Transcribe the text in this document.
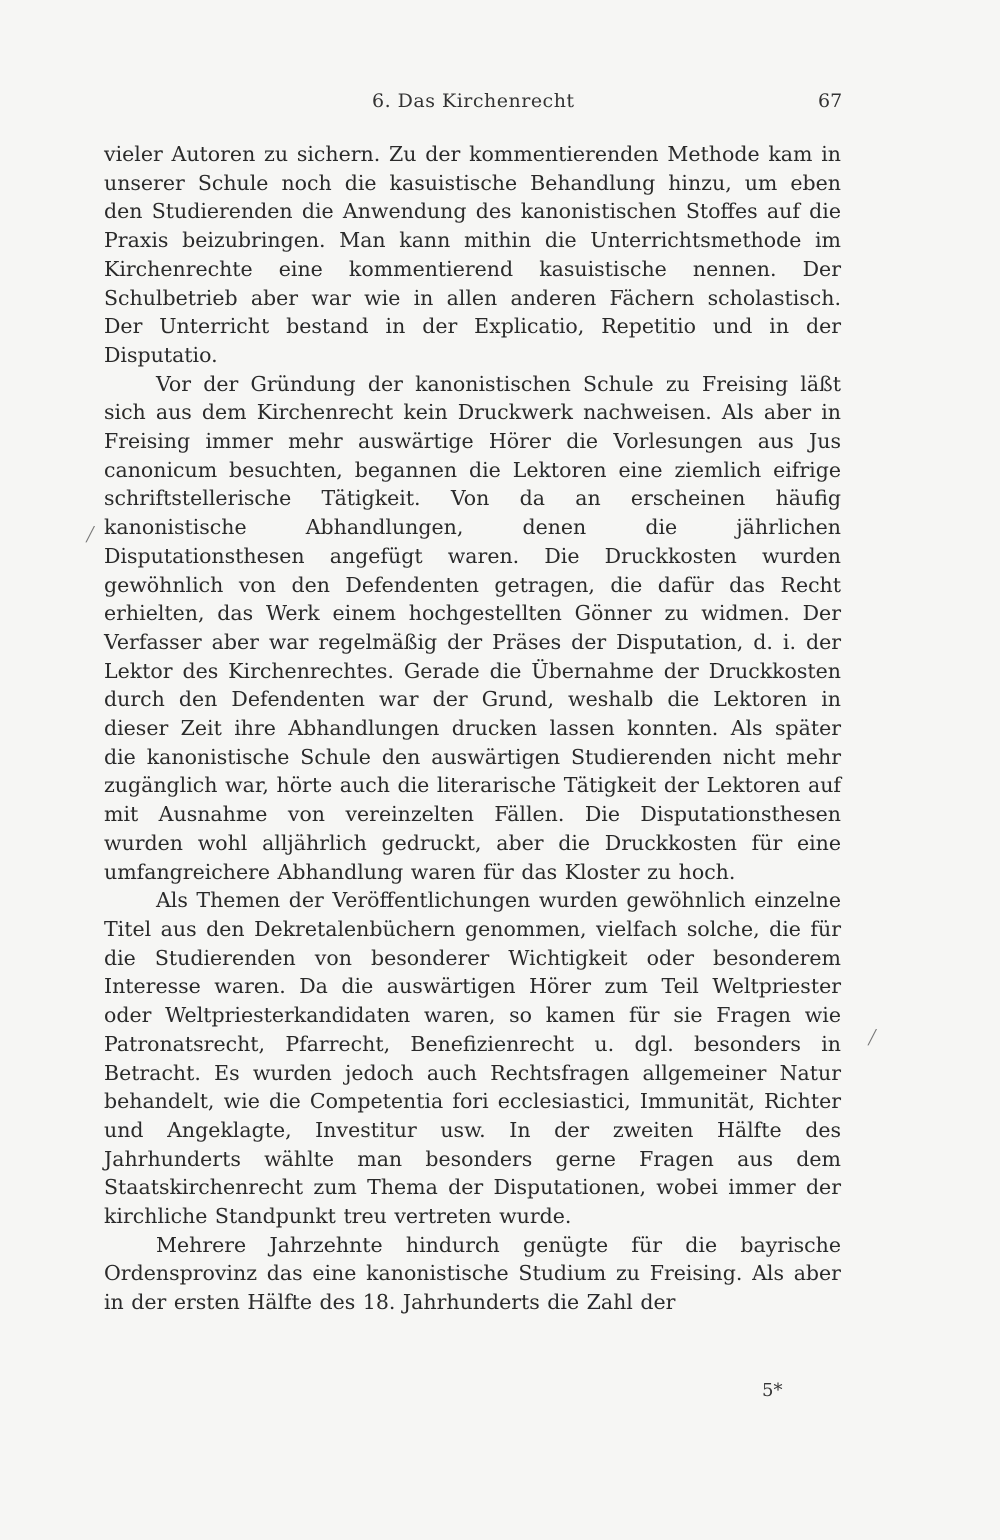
6. Das Kirchenrecht	67

vieler Autoren zu sichern. Zu der kommentierenden Methode kam in unserer Schule noch die kasuistische Behandlung hinzu, um eben den Studierenden die Anwendung des kanonistischen Stoffes auf die Praxis beizubringen. Man kann mithin die Unterrichtsmethode im Kirchenrechte eine kommentierend kasuistische nennen. Der Schulbetrieb aber war wie in allen anderen Fächern scholastisch. Der Unterricht bestand in der Explicatio, Repetitio und in der Disputatio.

Vor der Gründung der kanonistischen Schule zu Freising läßt sich aus dem Kirchenrecht kein Druckwerk nachweisen. Als aber in Freising immer mehr auswärtige Hörer die Vorlesungen aus Jus canonicum besuchten, begannen die Lektoren eine ziemlich eifrige schriftstellerische Tätigkeit. Von da an erscheinen häufig kanonistische Abhandlungen, denen die jährlichen Disputationsthesen angefügt waren. Die Druckkosten wurden gewöhnlich von den Defendenten getragen, die dafür das Recht erhielten, das Werk einem hochgestellten Gönner zu widmen. Der Verfasser aber war regelmäßig der Präses der Disputation, d. i. der Lektor des Kirchenrechtes. Gerade die Übernahme der Druckkosten durch den Defendenten war der Grund, weshalb die Lektoren in dieser Zeit ihre Abhandlungen drucken lassen konnten. Als später die kanonistische Schule den auswärtigen Studierenden nicht mehr zugänglich war, hörte auch die literarische Tätigkeit der Lektoren auf mit Ausnahme von vereinzelten Fällen. Die Disputationsthesen wurden wohl alljährlich gedruckt, aber die Druckkosten für eine umfangreichere Abhandlung waren für das Kloster zu hoch.

Als Themen der Veröffentlichungen wurden gewöhnlich einzelne Titel aus den Dekretalenbüchern genommen, vielfach solche, die für die Studierenden von besonderer Wichtigkeit oder besonderem Interesse waren. Da die auswärtigen Hörer zum Teil Weltpriester oder Weltpriesterkandidaten waren, so kamen für sie Fragen wie Patronatsrecht, Pfarrecht, Benefizienrecht u. dgl. besonders in Betracht. Es wurden jedoch auch Rechtsfragen allgemeiner Natur behandelt, wie die Competentia fori ecclesiastici, Immunität, Richter und Angeklagte, Investitur usw. In der zweiten Hälfte des Jahrhunderts wählte man besonders gerne Fragen aus dem Staatskirchenrecht zum Thema der Disputationen, wobei immer der kirchliche Standpunkt treu vertreten wurde.

Mehrere Jahrzehnte hindurch genügte für die bayrische Ordensprovinz das eine kanonistische Studium zu Freising. Als aber in der ersten Hälfte des 18. Jahrhunderts die Zahl der

5*
╱
╱
